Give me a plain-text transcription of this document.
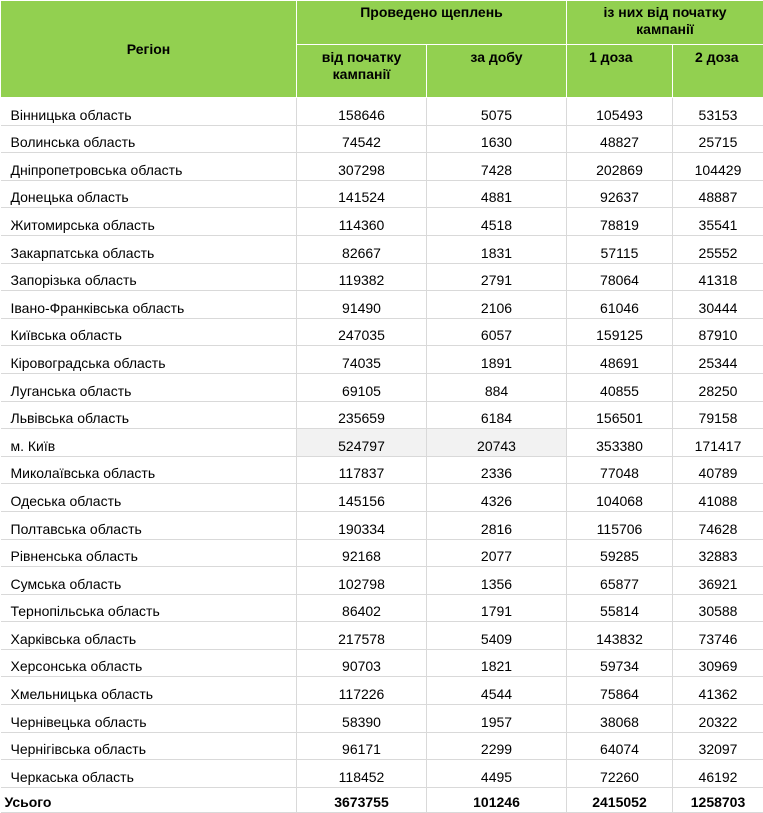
Регіон	Проведено щеплень		із них від початку кампанії	
	від початку кампанії	за добу	1 доза	2 доза
Вінницька область	158646	5075	105493	53153
Волинська область	74542	1630	48827	25715
Дніпропетровська область	307298	7428	202869	104429
Донецька область	141524	4881	92637	48887
Житомирська область	114360	4518	78819	35541
Закарпатська область	82667	1831	57115	25552
Запорізька область	119382	2791	78064	41318
Івано-Франківська область	91490	2106	61046	30444
Київська область	247035	6057	159125	87910
Кіровоградська область	74035	1891	48691	25344
Луганська область	69105	884	40855	28250
Львівська область	235659	6184	156501	79158
м. Київ	524797	20743	353380	171417
Миколаївська область	117837	2336	77048	40789
Одеська область	145156	4326	104068	41088
Полтавська область	190334	2816	115706	74628
Рівненська область	92168	2077	59285	32883
Сумська область	102798	1356	65877	36921
Тернопільська область	86402	1791	55814	30588
Харківська область	217578	5409	143832	73746
Херсонська область	90703	1821	59734	30969
Хмельницька область	117226	4544	75864	41362
Чернівецька область	58390	1957	38068	20322
Чернігівська область	96171	2299	64074	32097
Черкаська область	118452	4495	72260	46192
Усього	3673755	101246	2415052	1258703
